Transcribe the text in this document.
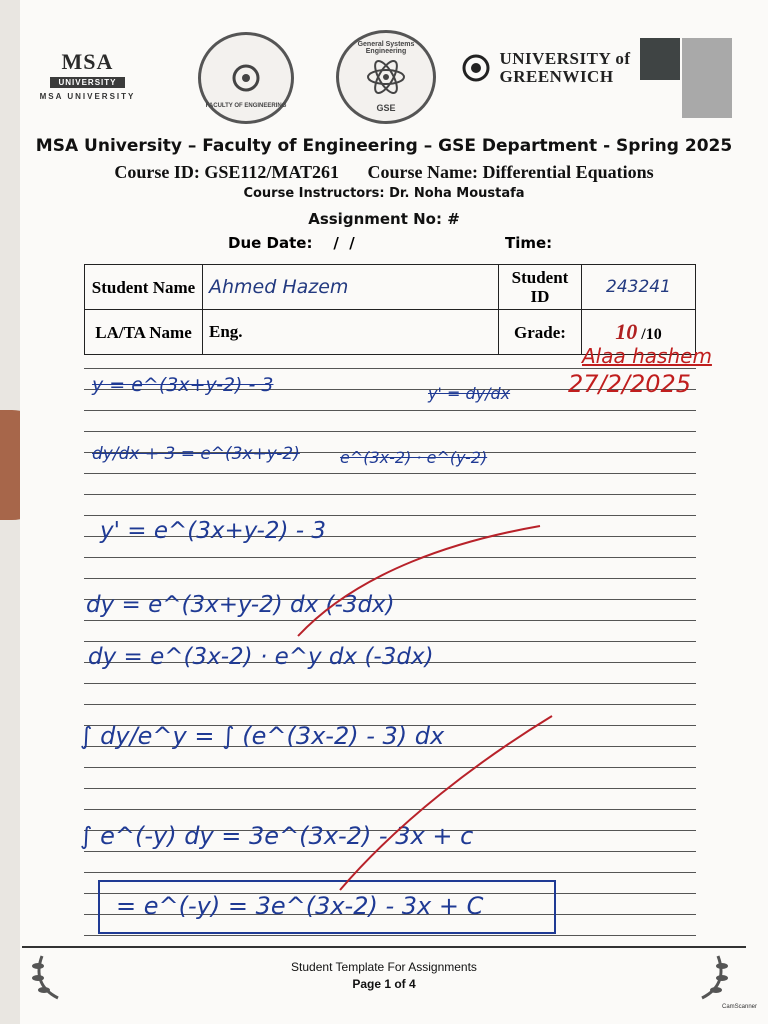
MSA
UNIVERSITY
MSA UNIVERSITY
FACULTY OF ENGINEERING
General Systems Engineering
GSE
UNIVERSITY of
GREENWICH
MSA University – Faculty of Engineering – GSE Department - Spring 2025
Course ID: GSE112/MAT261 Course Name: Differential Equations
Course Instructors: Dr. Noha Moustafa
Assignment No: #
Due Date:    /  /	Time:
Student Name	Ahmed Hazem	Student ID	243241
LA/TA Name	Eng.	Grade:	10 /10
Alaa hashem
27/2/2025
y = e^(3x+y-2) - 3	y' = dy/dx
dy/dx + 3 = e^(3x+y-2)	e^(3x-2) · e^(y-2)
y' = e^(3x+y-2) - 3
dy = e^(3x+y-2) dx (-3dx)
dy = e^(3x-2) · e^y dx (-3dx)
∫ dy/e^y = ∫ (e^(3x-2) - 3) dx
∫ e^(-y) dy = 3e^(3x-2) - 3x + c
= e^(-y) = 3e^(3x-2) - 3x + C
Student Template For Assignments
Page 1 of 4
CamScanner
